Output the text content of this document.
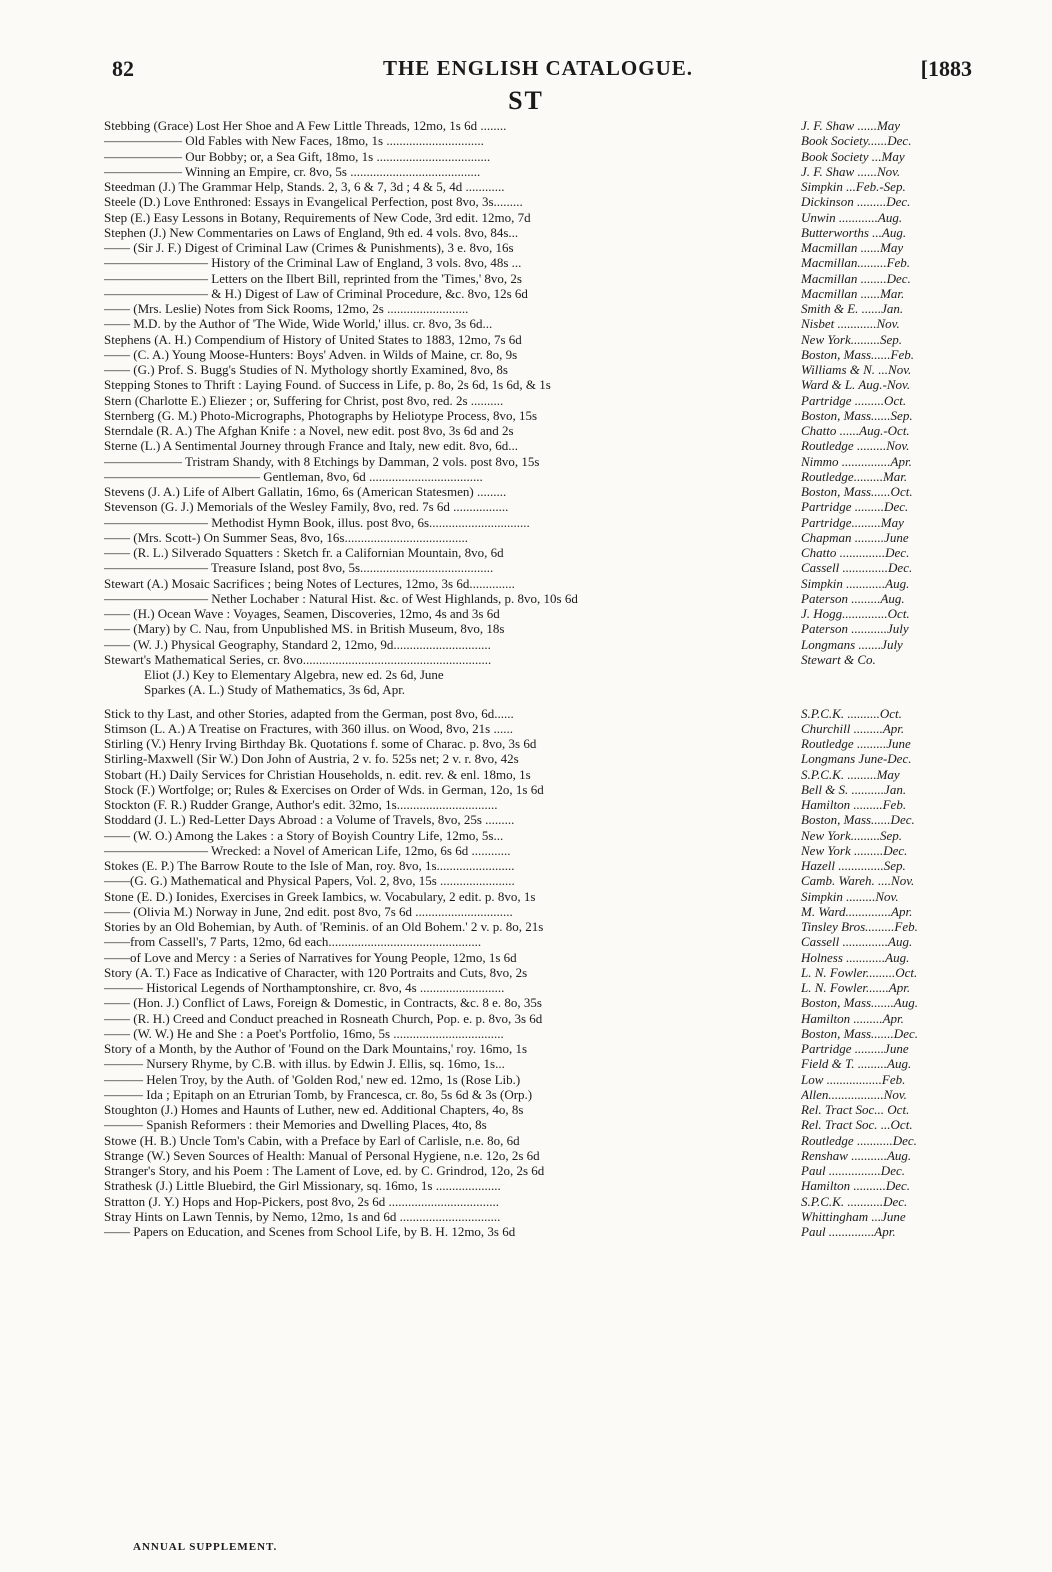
82	THE ENGLISH CATALOGUE.	[1883
ST
Stebbing (Grace) Lost Her Shoe and A Few Little Threads, 12mo, 1s 6d ........	J. F. Shaw ......May
—————— Old Fables with New Faces, 18mo, 1s ..............................	Book Society......Dec.
—————— Our Bobby; or, a Sea Gift, 18mo, 1s ...................................	Book Society ...May
—————— Winning an Empire, cr. 8vo, 5s ........................................	J. F. Shaw ......Nov.
Steedman (J.) The Grammar Help, Stands. 2, 3, 6 & 7, 3d ; 4 & 5, 4d ............	Simpkin ...Feb.-Sep.
Steele (D.) Love Enthroned: Essays in Evangelical Perfection, post 8vo, 3s.........	Dickinson .........Dec.
Step (E.) Easy Lessons in Botany, Requirements of New Code, 3rd edit. 12mo, 7d	Unwin ............Aug.
Stephen (J.) New Commentaries on Laws of England, 9th ed. 4 vols. 8vo, 84s...	Butterworths ...Aug.
—— (Sir J. F.) Digest of Criminal Law (Crimes & Punishments), 3 e. 8vo, 16s	Macmillan ......May
———————— History of the Criminal Law of England, 3 vols. 8vo, 48s ...	Macmillan.........Feb.
———————— Letters on the Ilbert Bill, reprinted from the 'Times,' 8vo, 2s	Macmillan ........Dec.
———————— & H.) Digest of Law of Criminal Procedure, &c. 8vo, 12s 6d	Macmillan ......Mar.
—— (Mrs. Leslie) Notes from Sick Rooms, 12mo, 2s .........................	Smith & E. ......Jan.
—— M.D. by the Author of 'The Wide, Wide World,' illus. cr. 8vo, 3s 6d...	Nisbet ............Nov.
Stephens (A. H.) Compendium of History of United States to 1883, 12mo, 7s 6d	New York.........Sep.
—— (C. A.) Young Moose-Hunters: Boys' Adven. in Wilds of Maine, cr. 8o, 9s	Boston, Mass......Feb.
—— (G.) Prof. S. Bugg's Studies of N. Mythology shortly Examined, 8vo, 8s	Williams & N. ...Nov.
Stepping Stones to Thrift : Laying Found. of Success in Life, p. 8o, 2s 6d, 1s 6d, & 1s	Ward & L. Aug.-Nov.
Stern (Charlotte E.) Eliezer ; or, Suffering for Christ, post 8vo, red. 2s ..........	Partridge .........Oct.
Sternberg (G. M.) Photo-Micrographs, Photographs by Heliotype Process, 8vo, 15s	Boston, Mass......Sep.
Sterndale (R. A.) The Afghan Knife : a Novel, new edit. post 8vo, 3s 6d and 2s	Chatto ......Aug.-Oct.
Sterne (L.) A Sentimental Journey through France and Italy, new edit. 8vo, 6d...	Routledge .........Nov.
—————— Tristram Shandy, with 8 Etchings by Damman, 2 vols. post 8vo, 15s	Nimmo ...............Apr.
———————————— Gentleman, 8vo, 6d ...................................	Routledge.........Mar.
Stevens (J. A.) Life of Albert Gallatin, 16mo, 6s (American Statesmen) .........	Boston, Mass......Oct.
Stevenson (G. J.) Memorials of the Wesley Family, 8vo, red. 7s 6d .................	Partridge .........Dec.
———————— Methodist Hymn Book, illus. post 8vo, 6s...............................	Partridge.........May
—— (Mrs. Scott-) On Summer Seas, 8vo, 16s......................................	Chapman .........June
—— (R. L.) Silverado Squatters : Sketch fr. a Californian Mountain, 8vo, 6d	Chatto ..............Dec.
———————— Treasure Island, post 8vo, 5s.........................................	Cassell ..............Dec.
Stewart (A.) Mosaic Sacrifices ; being Notes of Lectures, 12mo, 3s 6d..............	Simpkin ............Aug.
———————— Nether Lochaber : Natural Hist. &c. of West Highlands, p. 8vo, 10s 6d	Paterson .........Aug.
—— (H.) Ocean Wave : Voyages, Seamen, Discoveries, 12mo, 4s and 3s 6d	J. Hogg..............Oct.
—— (Mary) by C. Nau, from Unpublished MS. in British Museum, 8vo, 18s	Paterson ...........July
—— (W. J.) Physical Geography, Standard 2, 12mo, 9d..............................	Longmans .......July
Stewart's Mathematical Series, cr. 8vo..........................................................	Stewart & Co.
Eliot (J.) Key to Elementary Algebra, new ed. 2s 6d, June
Sparkes (A. L.) Study of Mathematics, 3s 6d, Apr.
Stick to thy Last, and other Stories, adapted from the German, post 8vo, 6d......	S.P.C.K. ..........Oct.
Stimson (L. A.) A Treatise on Fractures, with 360 illus. on Wood, 8vo, 21s ......	Churchill .........Apr.
Stirling (V.) Henry Irving Birthday Bk. Quotations f. some of Charac. p. 8vo, 3s 6d	Routledge .........June
Stirling-Maxwell (Sir W.) Don John of Austria, 2 v. fo. 525s net; 2 v. r. 8vo, 42s	Longmans June-Dec.
Stobart (H.) Daily Services for Christian Households, n. edit. rev. & enl. 18mo, 1s	S.P.C.K. .........May
Stock (F.) Wortfolge; or; Rules & Exercises on Order of Wds. in German, 12o, 1s 6d	Bell & S. ..........Jan.
Stockton (F. R.) Rudder Grange, Author's edit. 32mo, 1s...............................	Hamilton .........Feb.
Stoddard (J. L.) Red-Letter Days Abroad : a Volume of Travels, 8vo, 25s .........	Boston, Mass......Dec.
—— (W. O.) Among the Lakes : a Story of Boyish Country Life, 12mo, 5s...	New York.........Sep.
———————— Wrecked: a Novel of American Life, 12mo, 6s 6d ............	New York .........Dec.
Stokes (E. P.) The Barrow Route to the Isle of Man, roy. 8vo, 1s........................	Hazell ..............Sep.
——(G. G.) Mathematical and Physical Papers, Vol. 2, 8vo, 15s .......................	Camb. Wareh. ....Nov.
Stone (E. D.) Ionides, Exercises in Greek Iambics, w. Vocabulary, 2 edit. p. 8vo, 1s	Simpkin .........Nov.
—— (Olivia M.) Norway in June, 2nd edit. post 8vo, 7s 6d ..............................	M. Ward..............Apr.
Stories by an Old Bohemian, by Auth. of 'Reminis. of an Old Bohem.' 2 v. p. 8o, 21s	Tinsley Bros.........Feb.
——from Cassell's, 7 Parts, 12mo, 6d each...............................................	Cassell ..............Aug.
——of Love and Mercy : a Series of Narratives for Young People, 12mo, 1s 6d	Holness ............Aug.
Story (A. T.) Face as Indicative of Character, with 120 Portraits and Cuts, 8vo, 2s	L. N. Fowler.........Oct.
——— Historical Legends of Northamptonshire, cr. 8vo, 4s ..........................	L. N. Fowler.......Apr.
—— (Hon. J.) Conflict of Laws, Foreign & Domestic, in Contracts, &c. 8 e. 8o, 35s	Boston, Mass.......Aug.
—— (R. H.) Creed and Conduct preached in Rosneath Church, Pop. e. p. 8vo, 3s 6d	Hamilton .........Apr.
—— (W. W.) He and She : a Poet's Portfolio, 16mo, 5s ..................................	Boston, Mass.......Dec.
Story of a Month, by the Author of 'Found on the Dark Mountains,' roy. 16mo, 1s	Partridge .........June
——— Nursery Rhyme, by C.B. with illus. by Edwin J. Ellis, sq. 16mo, 1s...	Field & T. .........Aug.
——— Helen Troy, by the Auth. of 'Golden Rod,' new ed. 12mo, 1s (Rose Lib.)	Low .................Feb.
——— Ida ; Epitaph on an Etrurian Tomb, by Francesca, cr. 8o, 5s 6d & 3s (Orp.)	Allen.................Nov.
Stoughton (J.) Homes and Haunts of Luther, new ed. Additional Chapters, 4o, 8s	Rel. Tract Soc... Oct.
——— Spanish Reformers : their Memories and Dwelling Places, 4to, 8s	Rel. Tract Soc. ...Oct.
Stowe (H. B.) Uncle Tom's Cabin, with a Preface by Earl of Carlisle, n.e. 8o, 6d	Routledge ...........Dec.
Strange (W.) Seven Sources of Health: Manual of Personal Hygiene, n.e. 12o, 2s 6d	Renshaw ...........Aug.
Stranger's Story, and his Poem : The Lament of Love, ed. by C. Grindrod, 12o, 2s 6d	Paul ................Dec.
Strathesk (J.) Little Bluebird, the Girl Missionary, sq. 16mo, 1s ....................	Hamilton ..........Dec.
Stratton (J. Y.) Hops and Hop-Pickers, post 8vo, 2s 6d ..................................	S.P.C.K. ...........Dec.
Stray Hints on Lawn Tennis, by Nemo, 12mo, 1s and 6d ...............................	Whittingham ...June
—— Papers on Education, and Scenes from School Life, by B. H. 12mo, 3s 6d	Paul ..............Apr.
ANNUAL SUPPLEMENT.
